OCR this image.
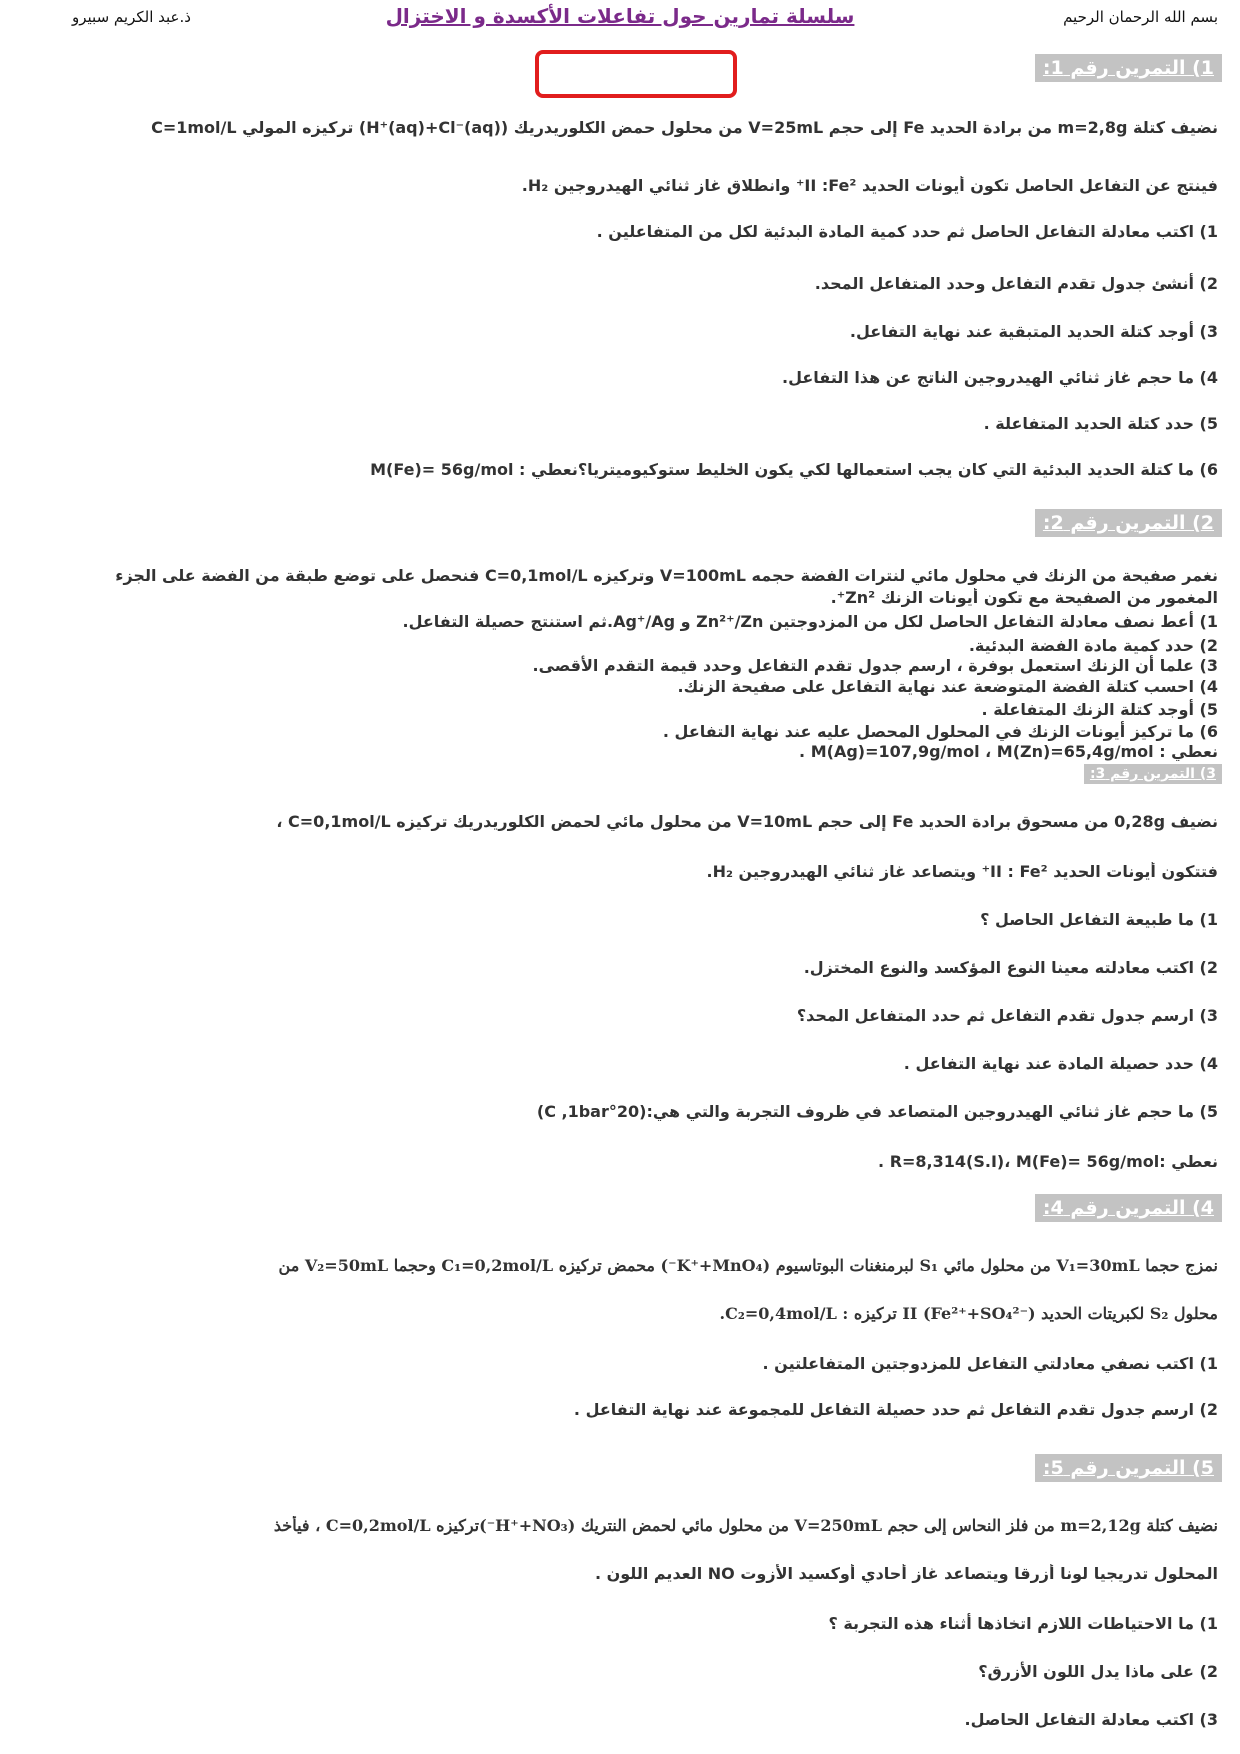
بسم الله الرحمان الرحيم
سلسلة تمارين حول تفاعلات الأكسدة و الاختزال
ذ.عبد الكريم سبيرو
1) التمرين رقم 1:
نضيف كتلة m=2,8g من برادة الحديد Fe إلى حجم V=25mL من محلول حمض الكلوريدريك (H⁺(aq)+Cl⁻(aq)) تركيزه المولي C=1mol/L
فينتج عن التفاعل الحاصل تكون أيونات الحديد II :Fe²⁺ وانطلاق غاز ثنائي الهيدروجين H₂.
1) اكتب معادلة التفاعل الحاصل ثم حدد كمية المادة البدئية لكل من المتفاعلين .
2) أنشئ جدول تقدم التفاعل وحدد المتفاعل المحد.
3) أوجد كتلة الحديد المتبقية عند نهاية التفاعل.
4) ما حجم غاز ثنائي الهيدروجين الناتج عن هذا التفاعل.
5) حدد كتلة الحديد المتفاعلة .
6) ما كتلة الحديد البدئية التي كان يجب استعمالها لكي يكون الخليط ستوكيوميتريا؟نعطي : M(Fe)= 56g/mol
2) التمرين رقم 2:
نغمر صفيحة من الزنك في محلول مائي لنترات الفضة حجمه V=100mL وتركيزه C=0,1mol/L فنحصل على توضع طبقة من الفضة على الجزء
المغمور من الصفيحة مع تكون أيونات الزنك Zn²⁺.
1) أعط نصف معادلة التفاعل الحاصل لكل من المزدوجتين Zn²⁺/Zn و Ag⁺/Ag.ثم استنتج حصيلة التفاعل.
2) حدد كمية مادة الفضة البدئية.
3) علما أن الزنك استعمل بوفرة ، ارسم جدول تقدم التفاعل وحدد قيمة التقدم الأقصى.
4) احسب كتلة الفضة المتوضعة عند نهاية التفاعل على صفيحة الزنك.
5) أوجد كتلة الزنك المتفاعلة .
6) ما تركيز أيونات الزنك في المحلول المحصل عليه عند نهاية التفاعل .
نعطي : M(Ag)=107,9g/mol ، M(Zn)=65,4g/mol .
3) التمرين رقم 3:
نضيف 0,28g من مسحوق برادة الحديد Fe إلى حجم V=10mL من محلول مائي لحمض الكلوريدريك تركيزه C=0,1mol/L ،
فتتكون أيونات الحديد II : Fe²⁺ ويتصاعد غاز ثنائي الهيدروجين H₂.
1) ما طبيعة التفاعل الحاصل ؟
2) اكتب معادلته معينا النوع المؤكسد والنوع المختزل.
3) ارسم جدول تقدم التفاعل ثم حدد المتفاعل المحد؟
4) حدد حصيلة المادة عند نهاية التفاعل .
5) ما حجم غاز ثنائي الهيدروجين المتصاعد في ظروف التجربة والتي هي:(20°C ,1bar)
نعطي :R=8,314(S.I)، M(Fe)= 56g/mol .
4) التمرين رقم 4:
نمزج حجما V₁=30mL من محلول مائي S₁ لبرمنغنات البوتاسيوم (K⁺+MnO₄⁻) محمض تركيزه C₁=0,2mol/L وحجما V₂=50mL من
محلول S₂ لكبريتات الحديد II (Fe²⁺+SO₄²⁻) تركيزه : C₂=0,4mol/L.
1) اكتب نصفي معادلتي التفاعل للمزدوجتين المتفاعلتين .
2) ارسم جدول تقدم التفاعل ثم حدد حصيلة التفاعل للمجموعة عند نهاية التفاعل .
5) التمرين رقم 5:
نضيف كتلة m=2,12g من فلز النحاس إلى حجم V=250mL من محلول مائي لحمض النتريك (H⁺+NO₃⁻)تركيزه C=0,2mol/L ، فيأخذ
المحلول تدريجيا لونا أزرقا ويتصاعد غاز أحادي أوكسيد الأزوت NO العديم اللون .
1) ما الاحتياطات اللازم اتخاذها أثناء هذه التجربة ؟
2) على ماذا يدل اللون الأزرق؟
3) اكتب معادلة التفاعل الحاصل.
